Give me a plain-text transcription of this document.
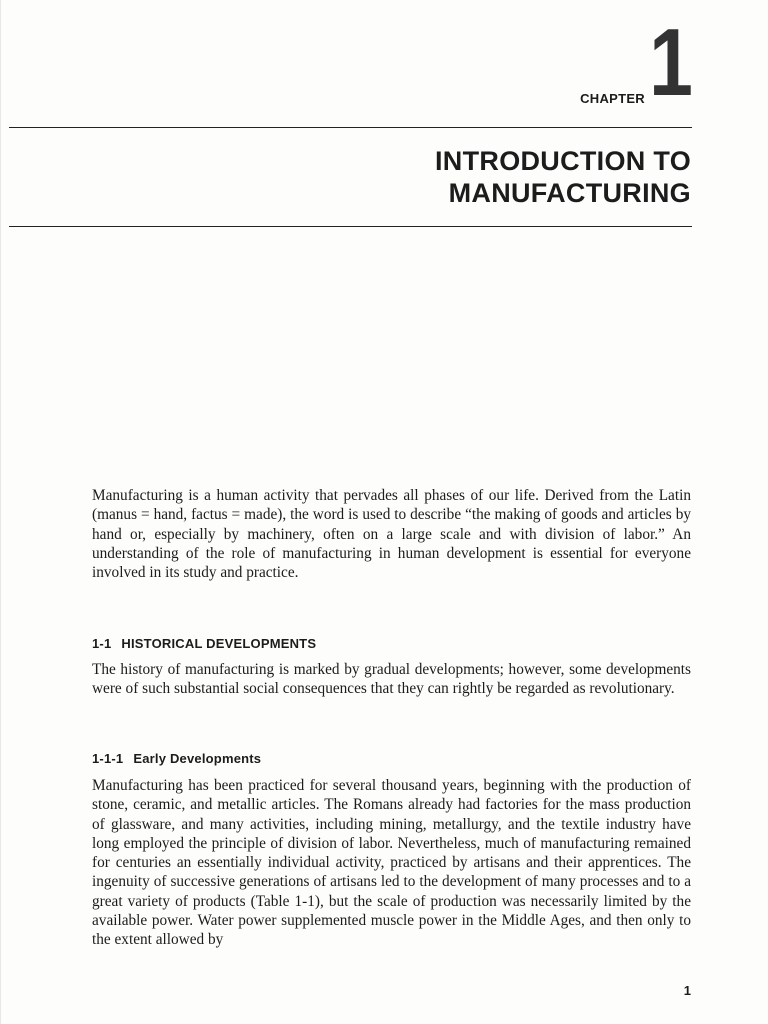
CHAPTER 1
INTRODUCTION TO
MANUFACTURING

Manufacturing is a human activity that pervades all phases of our life. Derived from the Latin (manus = hand, factus = made), the word is used to describe “the making of goods and articles by hand or, especially by machinery, often on a large scale and with division of labor.” An understanding of the role of manufacturing in human development is essential for everyone involved in its study and practice.

1-1 HISTORICAL DEVELOPMENTS

The history of manufacturing is marked by gradual developments; however, some developments were of such substantial social consequences that they can rightly be regarded as revolutionary.

1-1-1 Early Developments

Manufacturing has been practiced for several thousand years, beginning with the production of stone, ceramic, and metallic articles. The Romans already had factories for the mass production of glassware, and many activities, including mining, metallurgy, and the textile industry have long employed the principle of division of labor. Nevertheless, much of manufacturing remained for centuries an essentially individual activity, practiced by artisans and their apprentices. The ingenuity of successive generations of artisans led to the development of many processes and to a great variety of products (Table 1-1), but the scale of production was necessarily limited by the available power. Water power supplemented muscle power in the Middle Ages, and then only to the extent allowed by

1
